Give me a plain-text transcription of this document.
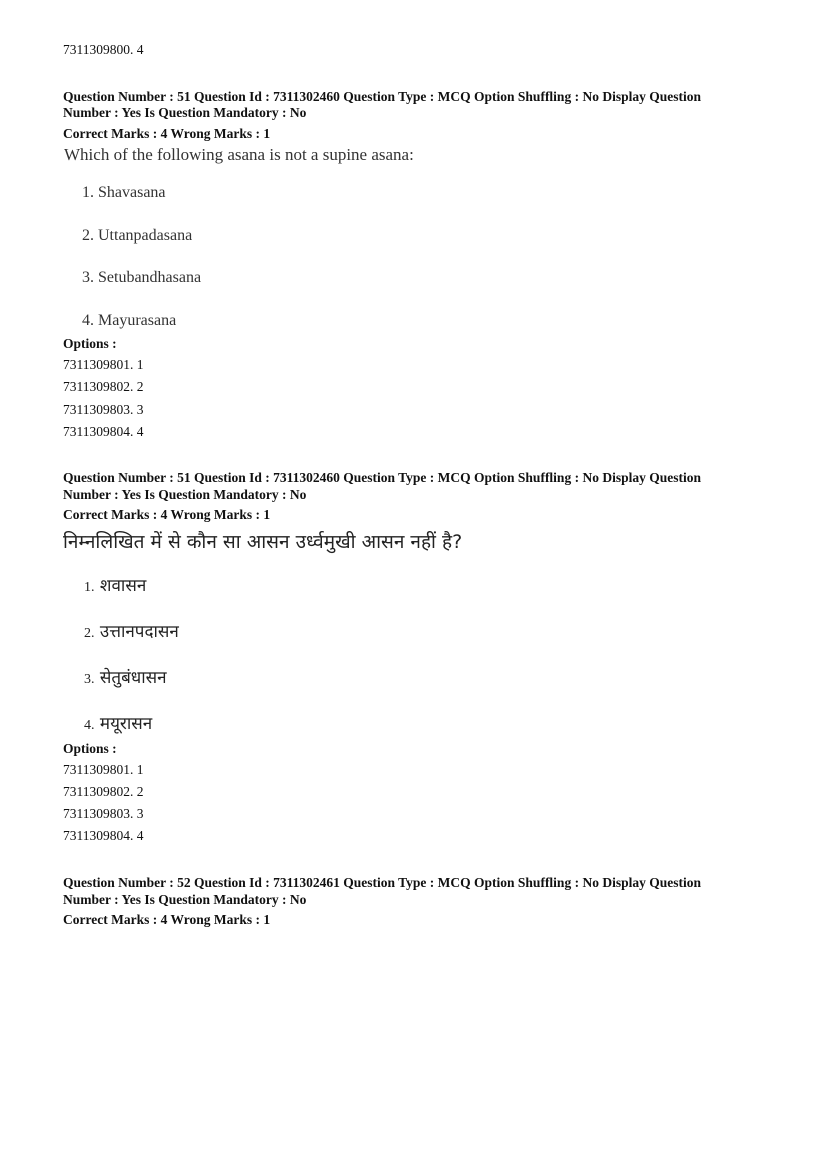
7311309800. 4
Question Number : 51 Question Id : 7311302460 Question Type : MCQ Option Shuffling : No Display Question
Number : Yes Is Question Mandatory : No
Correct Marks : 4 Wrong Marks : 1
Which of the following asana is not a supine asana:
1. Shavasana
2. Uttanpadasana
3. Setubandhasana
4. Mayurasana
Options :
7311309801. 1
7311309802. 2
7311309803. 3
7311309804. 4
Question Number : 51 Question Id : 7311302460 Question Type : MCQ Option Shuffling : No Display Question
Number : Yes Is Question Mandatory : No
Correct Marks : 4 Wrong Marks : 1
निम्नलिखित में से कौन सा आसन उर्ध्वमुखी आसन नहीं है?
1. शवासन
2. उत्तानपदासन
3. सेतुबंधासन
4. मयूरासन
Options :
7311309801. 1
7311309802. 2
7311309803. 3
7311309804. 4
Question Number : 52 Question Id : 7311302461 Question Type : MCQ Option Shuffling : No Display Question
Number : Yes Is Question Mandatory : No
Correct Marks : 4 Wrong Marks : 1
